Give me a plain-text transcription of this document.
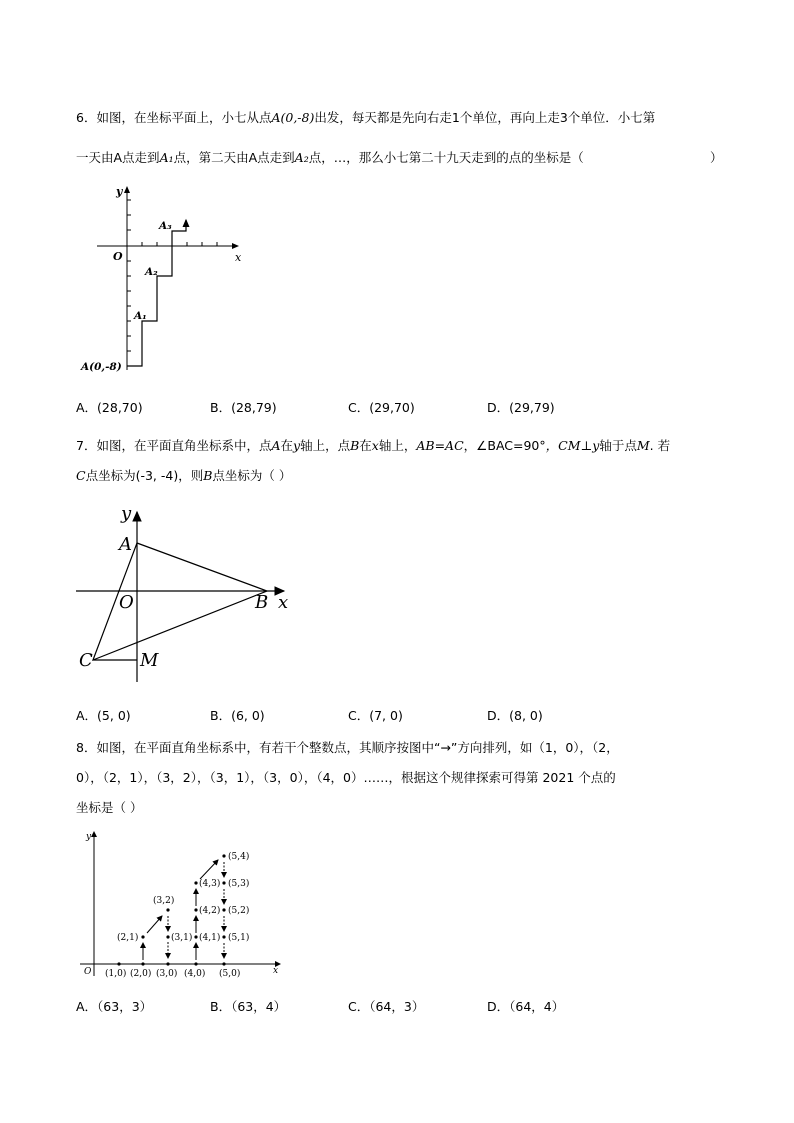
6．如图，在坐标平面上，小七从点A(0,-8)出发，每天都是先向右走1个单位，再向上走3个单位．小七第
一天由A点走到A₁点，第二天由A点走到A₂点，…，那么小七第二十九天走到的点的坐标是（	）
y
x
O
A₃
A₂
A₁
A(0,-8)
A．(28,70)	B．(28,79)	C．(29,70)	D．(29,79)
7．如图，在平面直角坐标系中，点A在y轴上，点B在x轴上，AB=AC，∠BAC=90°，CM⊥y轴于点M. 若
C点坐标为(-3, -4)，则B点坐标为（ ）
y
A
O	B x
C	M
A．(5, 0)	B．(6, 0)	C．(7, 0)	D．(8, 0)
8．如图，在平面直角坐标系中，有若干个整数点，其顺序按图中“→”方向排列，如（1，0），（2，
0），（2，1），（3，2），（3，1），（3，0），（4，0）……，根据这个规律探索可得第 2021 个点的
坐标是（ ）
y
x
O (1,0) (2,0) (3,0) (4,0) (5,0)
(2,1)	(3,1)
(3,2)
(4,1)
(4,2)
(4,3)
(5,1)
(5,2)
(5,3)
(5,4)
A．（63，3）	B．（63，4）	C．（64，3）	D．（64，4）
